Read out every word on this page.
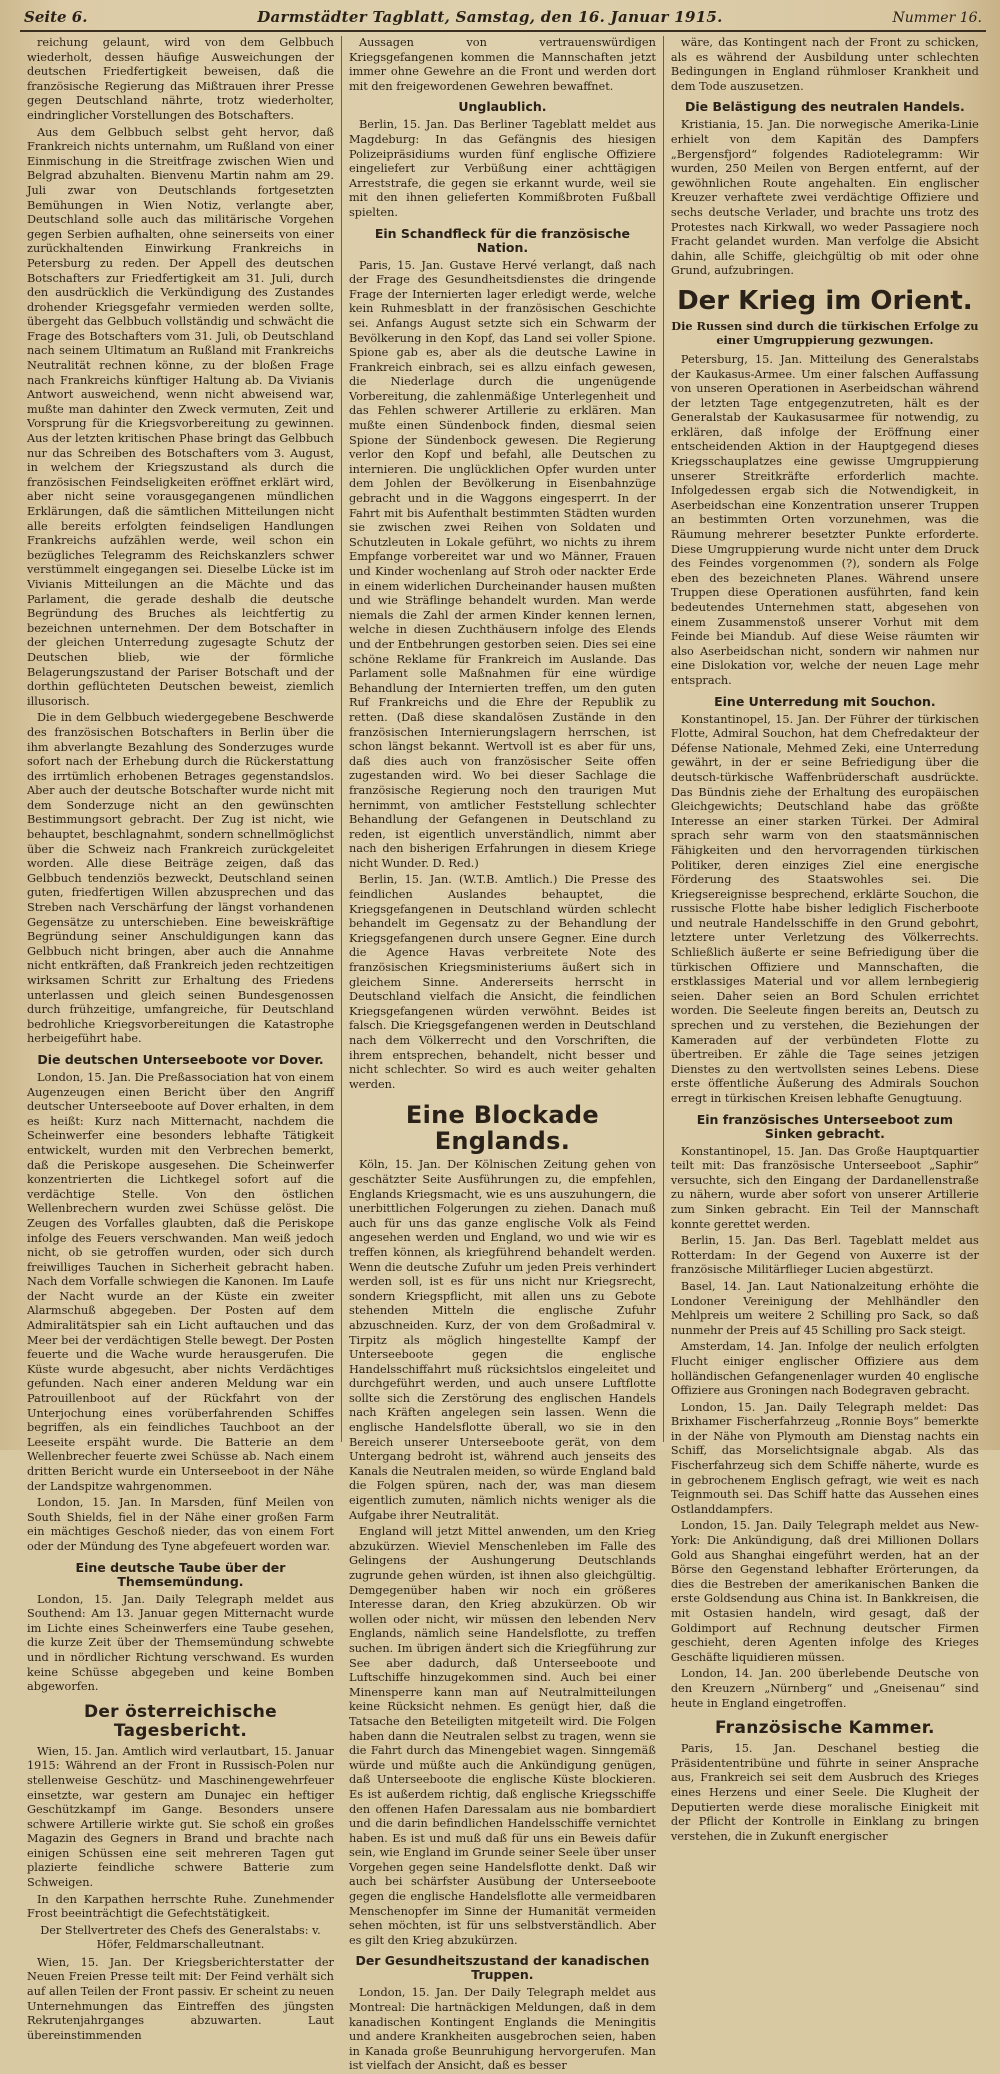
Seite 6.	Darmstädter Tagblatt, Samstag, den 16. Januar 1915.	Nummer 16.

reichung gelaunt, wird von dem Gelbbuch wiederholt, dessen häufige Ausweichungen der deutschen Friedfertigkeit beweisen, daß die französische Regierung das Mißtrauen ihrer Presse gegen Deutschland nährte, trotz wiederholter, eindringlicher Vorstellungen des Botschafters.

Aus dem Gelbbuch selbst geht hervor, daß Frankreich nichts unternahm, um Rußland von einer Einmischung in die Streitfrage zwischen Wien und Belgrad abzuhalten. Bienvenu Martin nahm am 29. Juli zwar von Deutschlands fortgesetzten Bemühungen in Wien Notiz, verlangte aber, Deutschland solle auch das militärische Vorgehen gegen Serbien aufhalten, ohne seinerseits von einer zurückhaltenden Einwirkung Frankreichs in Petersburg zu reden. Der Appell des deutschen Botschafters zur Friedfertigkeit am 31. Juli, durch den ausdrücklich die Verkündigung des Zustandes drohender Kriegsgefahr vermieden werden sollte, übergeht das Gelbbuch vollständig und schwächt die Frage des Botschafters vom 31. Juli, ob Deutschland nach seinem Ultimatum an Rußland mit Frankreichs Neutralität rechnen könne, zu der bloßen Frage nach Frankreichs künftiger Haltung ab. Da Vivianis Antwort ausweichend, wenn nicht abweisend war, mußte man dahinter den Zweck vermuten, Zeit und Vorsprung für die Kriegsvorbereitung zu gewinnen. Aus der letzten kritischen Phase bringt das Gelbbuch nur das Schreiben des Botschafters vom 3. August, in welchem der Kriegszustand als durch die französischen Feindseligkeiten eröffnet erklärt wird, aber nicht seine vorausgegangenen mündlichen Erklärungen, daß die sämtlichen Mitteilungen nicht alle bereits erfolgten feindseligen Handlungen Frankreichs aufzählen werde, weil schon ein bezügliches Telegramm des Reichskanzlers schwer verstümmelt eingegangen sei. Dieselbe Lücke ist im Vivianis Mitteilungen an die Mächte und das Parlament, die gerade deshalb die deutsche Begründung des Bruches als leichtfertig zu bezeichnen unternehmen. Der dem Botschafter in der gleichen Unterredung zugesagte Schutz der Deutschen blieb, wie der förmliche Belagerungszustand der Pariser Botschaft und der dorthin geflüchteten Deutschen beweist, ziemlich illusorisch.

Die in dem Gelbbuch wiedergegebene Beschwerde des französischen Botschafters in Berlin über die ihm abverlangte Bezahlung des Sonderzuges wurde sofort nach der Erhebung durch die Rückerstattung des irrtümlich erhobenen Betrages gegenstandslos. Aber auch der deutsche Botschafter wurde nicht mit dem Sonderzuge nicht an den gewünschten Bestimmungsort gebracht. Der Zug ist nicht, wie behauptet, beschlagnahmt, sondern schnellmöglichst über die Schweiz nach Frankreich zurückgeleitet worden. Alle diese Beiträge zeigen, daß das Gelbbuch tendenziös bezweckt, Deutschland seinen guten, friedfertigen Willen abzusprechen und das Streben nach Verschärfung der längst vorhandenen Gegensätze zu unterschieben. Eine beweiskräftige Begründung seiner Anschuldigungen kann das Gelbbuch nicht bringen, aber auch die Annahme nicht entkräften, daß Frankreich jeden rechtzeitigen wirksamen Schritt zur Erhaltung des Friedens unterlassen und gleich seinen Bundesgenossen durch frühzeitige, umfangreiche, für Deutschland bedrohliche Kriegsvorbereitungen die Katastrophe herbeigeführt habe.

Die deutschen Unterseeboote vor Dover.

London, 15. Jan. Die Preßassociation hat von einem Augenzeugen einen Bericht über den Angriff deutscher Unterseeboote auf Dover erhalten, in dem es heißt: Kurz nach Mitternacht, nachdem die Scheinwerfer eine besonders lebhafte Tätigkeit entwickelt, wurden mit den Verbrechen bemerkt, daß die Periskope ausgesehen. Die Scheinwerfer konzentrierten die Lichtkegel sofort auf die verdächtige Stelle. Von den östlichen Wellenbrechern wurden zwei Schüsse gelöst. Die Zeugen des Vorfalles glaubten, daß die Periskope infolge des Feuers verschwanden. Man weiß jedoch nicht, ob sie getroffen wurden, oder sich durch freiwilliges Tauchen in Sicherheit gebracht haben. Nach dem Vorfalle schwiegen die Kanonen. Im Laufe der Nacht wurde an der Küste ein zweiter Alarmschuß abgegeben. Der Posten auf dem Admiralitätspier sah ein Licht auftauchen und das Meer bei der verdächtigen Stelle bewegt. Der Posten feuerte und die Wache wurde herausgerufen. Die Küste wurde abgesucht, aber nichts Verdächtiges gefunden. Nach einer anderen Meldung war ein Patrouillenboot auf der Rückfahrt von der Unterjochung eines vorüberfahrenden Schiffes begriffen, als ein feindliches Tauchboot an der Leeseite erspäht wurde. Die Batterie an dem Wellenbrecher feuerte zwei Schüsse ab. Nach einem dritten Bericht wurde ein Unterseeboot in der Nähe der Landspitze wahrgenommen.

London, 15. Jan. In Marsden, fünf Meilen von South Shields, fiel in der Nähe einer großen Farm ein mächtiges Geschoß nieder, das von einem Fort oder der Mündung des Tyne abgefeuert worden war.

Eine deutsche Taube über der Themsemündung.

London, 15. Jan. Daily Telegraph meldet aus Southend: Am 13. Januar gegen Mitternacht wurde im Lichte eines Scheinwerfers eine Taube gesehen, die kurze Zeit über der Themsemündung schwebte und in nördlicher Richtung verschwand. Es wurden keine Schüsse abgegeben und keine Bomben abgeworfen.

Der österreichische Tagesbericht.

Wien, 15. Jan. Amtlich wird verlautbart, 15. Januar 1915: Während an der Front in Russisch-Polen nur stellenweise Geschütz- und Maschinengewehrfeuer einsetzte, war gestern am Dunajec ein heftiger Geschützkampf im Gange. Besonders unsere schwere Artillerie wirkte gut. Sie schoß ein großes Magazin des Gegners in Brand und brachte nach einigen Schüssen eine seit mehreren Tagen gut plazierte feindliche schwere Batterie zum Schweigen.

In den Karpathen herrschte Ruhe. Zunehmender Frost beeinträchtigt die Gefechtstätigkeit.

Der Stellvertreter des Chefs des Generalstabs: v. Höfer, Feldmarschalleutnant.

Wien, 15. Jan. Der Kriegsberichterstatter der Neuen Freien Presse teilt mit: Der Feind verhält sich auf allen Teilen der Front passiv. Er scheint zu neuen Unternehmungen das Eintreffen des jüngsten Rekrutenjahrganges abzuwarten. Laut übereinstimmenden

Aussagen von vertrauenswürdigen Kriegsgefangenen kommen die Mannschaften jetzt immer ohne Gewehre an die Front und werden dort mit den freigewordenen Gewehren bewaffnet.

Unglaublich.

Berlin, 15. Jan. Das Berliner Tageblatt meldet aus Magdeburg: In das Gefängnis des hiesigen Polizeipräsidiums wurden fünf englische Offiziere eingeliefert zur Verbüßung einer achttägigen Arreststrafe, die gegen sie erkannt wurde, weil sie mit den ihnen gelieferten Kommißbroten Fußball spielten.

Ein Schandfleck für die französische Nation.

Paris, 15. Jan. Gustave Hervé verlangt, daß nach der Frage des Gesundheitsdienstes die dringende Frage der Internierten lager erledigt werde, welche kein Ruhmesblatt in der französischen Geschichte sei. Anfangs August setzte sich ein Schwarm der Bevölkerung in den Kopf, das Land sei voller Spione. Spione gab es, aber als die deutsche Lawine in Frankreich einbrach, sei es allzu einfach gewesen, die Niederlage durch die ungenügende Vorbereitung, die zahlenmäßige Unterlegenheit und das Fehlen schwerer Artillerie zu erklären. Man mußte einen Sündenbock finden, diesmal seien Spione der Sündenbock gewesen. Die Regierung verlor den Kopf und befahl, alle Deutschen zu internieren. Die unglücklichen Opfer wurden unter dem Johlen der Bevölkerung in Eisenbahnzüge gebracht und in die Waggons eingesperrt. In der Fahrt mit bis Aufenthalt bestimmten Städten wurden sie zwischen zwei Reihen von Soldaten und Schutzleuten in Lokale geführt, wo nichts zu ihrem Empfange vorbereitet war und wo Männer, Frauen und Kinder wochenlang auf Stroh oder nackter Erde in einem widerlichen Durcheinander hausen mußten und wie Sträflinge behandelt wurden. Man werde niemals die Zahl der armen Kinder kennen lernen, welche in diesen Zuchthäusern infolge des Elends und der Entbehrungen gestorben seien. Dies sei eine schöne Reklame für Frankreich im Auslande. Das Parlament solle Maßnahmen für eine würdige Behandlung der Internierten treffen, um den guten Ruf Frankreichs und die Ehre der Republik zu retten. (Daß diese skandalösen Zustände in den französischen Internierungslagern herrschen, ist schon längst bekannt. Wertvoll ist es aber für uns, daß dies auch von französischer Seite offen zugestanden wird. Wo bei dieser Sachlage die französische Regierung noch den traurigen Mut hernimmt, von amtlicher Feststellung schlechter Behandlung der Gefangenen in Deutschland zu reden, ist eigentlich unverständlich, nimmt aber nach den bisherigen Erfahrungen in diesem Kriege nicht Wunder. D. Red.)

Berlin, 15. Jan. (W.T.B. Amtlich.) Die Presse des feindlichen Auslandes behauptet, die Kriegsgefangenen in Deutschland würden schlecht behandelt im Gegensatz zu der Behandlung der Kriegsgefangenen durch unsere Gegner. Eine durch die Agence Havas verbreitete Note des französischen Kriegsministeriums äußert sich in gleichem Sinne. Andererseits herrscht in Deutschland vielfach die Ansicht, die feindlichen Kriegsgefangenen würden verwöhnt. Beides ist falsch. Die Kriegsgefangenen werden in Deutschland nach dem Völkerrecht und den Vorschriften, die ihrem entsprechen, behandelt, nicht besser und nicht schlechter. So wird es auch weiter gehalten werden.

Eine Blockade Englands.

Köln, 15. Jan. Der Kölnischen Zeitung gehen von geschätzter Seite Ausführungen zu, die empfehlen, Englands Kriegsmacht, wie es uns auszuhungern, die unerbittlichen Folgerungen zu ziehen. Danach muß auch für uns das ganze englische Volk als Feind angesehen werden und England, wo und wie wir es treffen können, als kriegführend behandelt werden. Wenn die deutsche Zufuhr um jeden Preis verhindert werden soll, ist es für uns nicht nur Kriegsrecht, sondern Kriegspflicht, mit allen uns zu Gebote stehenden Mitteln die englische Zufuhr abzuschneiden. Kurz, der von dem Großadmiral v. Tirpitz als möglich hingestellte Kampf der Unterseeboote gegen die englische Handelsschiffahrt muß rücksichtslos eingeleitet und durchgeführt werden, und auch unsere Luftflotte sollte sich die Zerstörung des englischen Handels nach Kräften angelegen sein lassen. Wenn die englische Handelsflotte überall, wo sie in den Bereich unserer Unterseeboote gerät, von dem Untergang bedroht ist, während auch jenseits des Kanals die Neutralen meiden, so würde England bald die Folgen spüren, nach der, was man diesem eigentlich zumuten, nämlich nichts weniger als die Aufgabe ihrer Neutralität.

England will jetzt Mittel anwenden, um den Krieg abzukürzen. Wieviel Menschenleben im Falle des Gelingens der Aushungerung Deutschlands zugrunde gehen würden, ist ihnen also gleichgültig. Demgegenüber haben wir noch ein größeres Interesse daran, den Krieg abzukürzen. Ob wir wollen oder nicht, wir müssen den lebenden Nerv Englands, nämlich seine Handelsflotte, zu treffen suchen. Im übrigen ändert sich die Kriegführung zur See aber dadurch, daß Unterseeboote und Luftschiffe hinzugekommen sind. Auch bei einer Minensperre kann man auf Neutralmitteilungen keine Rücksicht nehmen. Es genügt hier, daß die Tatsache den Beteiligten mitgeteilt wird. Die Folgen haben dann die Neutralen selbst zu tragen, wenn sie die Fahrt durch das Minengebiet wagen. Sinngemäß würde und müßte auch die Ankündigung genügen, daß Unterseeboote die englische Küste blockieren. Es ist außerdem richtig, daß englische Kriegsschiffe den offenen Hafen Daressalam aus nie bombardiert und die darin befindlichen Handelsschiffe vernichtet haben. Es ist und muß daß für uns ein Beweis dafür sein, wie England im Grunde seiner Seele über unser Vorgehen gegen seine Handelsflotte denkt. Daß wir auch bei schärfster Ausübung der Unterseeboote gegen die englische Handelsflotte alle vermeidbaren Menschenopfer im Sinne der Humanität vermeiden sehen möchten, ist für uns selbstverständlich. Aber es gilt den Krieg abzukürzen.

Der Gesundheitszustand der kanadischen Truppen.

London, 15. Jan. Der Daily Telegraph meldet aus Montreal: Die hartnäckigen Meldungen, daß in dem kanadischen Kontingent Englands die Meningitis und andere Krankheiten ausgebrochen seien, haben in Kanada große Beunruhigung hervorgerufen. Man ist vielfach der Ansicht, daß es besser

wäre, das Kontingent nach der Front zu schicken, als es während der Ausbildung unter schlechten Bedingungen in England rühmloser Krankheit und dem Tode auszusetzen.

Die Belästigung des neutralen Handels.

Kristiania, 15. Jan. Die norwegische Amerika-Linie erhielt von dem Kapitän des Dampfers „Bergensfjord“ folgendes Radiotelegramm: Wir wurden, 250 Meilen von Bergen entfernt, auf der gewöhnlichen Route angehalten. Ein englischer Kreuzer verhaftete zwei verdächtige Offiziere und sechs deutsche Verlader, und brachte uns trotz des Protestes nach Kirkwall, wo weder Passagiere noch Fracht gelandet wurden. Man verfolge die Absicht dahin, alle Schiffe, gleichgültig ob mit oder ohne Grund, aufzubringen.

Der Krieg im Orient.

Die Russen sind durch die türkischen Erfolge zu einer Umgruppierung gezwungen.

Petersburg, 15. Jan. Mitteilung des Generalstabs der Kaukasus-Armee. Um einer falschen Auffassung von unseren Operationen in Aserbeidschan während der letzten Tage entgegenzutreten, hält es der Generalstab der Kaukasusarmee für notwendig, zu erklären, daß infolge der Eröffnung einer entscheidenden Aktion in der Hauptgegend dieses Kriegsschauplatzes eine gewisse Umgruppierung unserer Streitkräfte erforderlich machte. Infolgedessen ergab sich die Notwendigkeit, in Aserbeidschan eine Konzentration unserer Truppen an bestimmten Orten vorzunehmen, was die Räumung mehrerer besetzter Punkte erforderte. Diese Umgruppierung wurde nicht unter dem Druck des Feindes vorgenommen (?), sondern als Folge eben des bezeichneten Planes. Während unsere Truppen diese Operationen ausführten, fand kein bedeutendes Unternehmen statt, abgesehen von einem Zusammenstoß unserer Vorhut mit dem Feinde bei Miandub. Auf diese Weise räumten wir also Aserbeidschan nicht, sondern wir nahmen nur eine Dislokation vor, welche der neuen Lage mehr entsprach.

Eine Unterredung mit Souchon.

Konstantinopel, 15. Jan. Der Führer der türkischen Flotte, Admiral Souchon, hat dem Chefredakteur der Défense Nationale, Mehmed Zeki, eine Unterredung gewährt, in der er seine Befriedigung über die deutsch-türkische Waffenbrüderschaft ausdrückte. Das Bündnis ziehe der Erhaltung des europäischen Gleichgewichts; Deutschland habe das größte Interesse an einer starken Türkei. Der Admiral sprach sehr warm von den staatsmännischen Fähigkeiten und den hervorragenden türkischen Politiker, deren einziges Ziel eine energische Förderung des Staatswohles sei. Die Kriegsereignisse besprechend, erklärte Souchon, die russische Flotte habe bisher lediglich Fischerboote und neutrale Handelsschiffe in den Grund gebohrt, letztere unter Verletzung des Völkerrechts. Schließlich äußerte er seine Befriedigung über die türkischen Offiziere und Mannschaften, die erstklassiges Material und vor allem lernbegierig seien. Daher seien an Bord Schulen errichtet worden. Die Seeleute fingen bereits an, Deutsch zu sprechen und zu verstehen, die Beziehungen der Kameraden auf der verbündeten Flotte zu übertreiben. Er zähle die Tage seines jetzigen Dienstes zu den wertvollsten seines Lebens. Diese erste öffentliche Äußerung des Admirals Souchon erregt in türkischen Kreisen lebhafte Genugtuung.

Ein französisches Unterseeboot zum Sinken gebracht.

Konstantinopel, 15. Jan. Das Große Hauptquartier teilt mit: Das französische Unterseeboot „Saphir“ versuchte, sich den Eingang der Dardanellenstraße zu nähern, wurde aber sofort von unserer Artillerie zum Sinken gebracht. Ein Teil der Mannschaft konnte gerettet werden.

Berlin, 15. Jan. Das Berl. Tageblatt meldet aus Rotterdam: In der Gegend von Auxerre ist der französische Militärflieger Lucien abgestürzt.

Basel, 14. Jan. Laut Nationalzeitung erhöhte die Londoner Vereinigung der Mehlhändler den Mehlpreis um weitere 2 Schilling pro Sack, so daß nunmehr der Preis auf 45 Schilling pro Sack steigt.

Amsterdam, 14. Jan. Infolge der neulich erfolgten Flucht einiger englischer Offiziere aus dem holländischen Gefangenenlager wurden 40 englische Offiziere aus Groningen nach Bodegraven gebracht.

London, 15. Jan. Daily Telegraph meldet: Das Brixhamer Fischerfahrzeug „Ronnie Boys“ bemerkte in der Nähe von Plymouth am Dienstag nachts ein Schiff, das Morselichtsignale abgab. Als das Fischerfahrzeug sich dem Schiffe näherte, wurde es in gebrochenem Englisch gefragt, wie weit es nach Teignmouth sei. Das Schiff hatte das Aussehen eines Ostlanddampfers.

London, 15. Jan. Daily Telegraph meldet aus New-York: Die Ankündigung, daß drei Millionen Dollars Gold aus Shanghai eingeführt werden, hat an der Börse den Gegenstand lebhafter Erörterungen, da dies die Bestreben der amerikanischen Banken die erste Goldsendung aus China ist. In Bankkreisen, die mit Ostasien handeln, wird gesagt, daß der Goldimport auf Rechnung deutscher Firmen geschieht, deren Agenten infolge des Krieges Geschäfte liquidieren müssen.

London, 14. Jan. 200 überlebende Deutsche von den Kreuzern „Nürnberg“ und „Gneisenau“ sind heute in England eingetroffen.

Französische Kammer.

Paris, 15. Jan. Deschanel bestieg die Präsidententribüne und führte in seiner Ansprache aus, Frankreich sei seit dem Ausbruch des Krieges eines Herzens und einer Seele. Die Klugheit der Deputierten werde diese moralische Einigkeit mit der Pflicht der Kontrolle in Einklang zu bringen verstehen, die in Zukunft energischer
